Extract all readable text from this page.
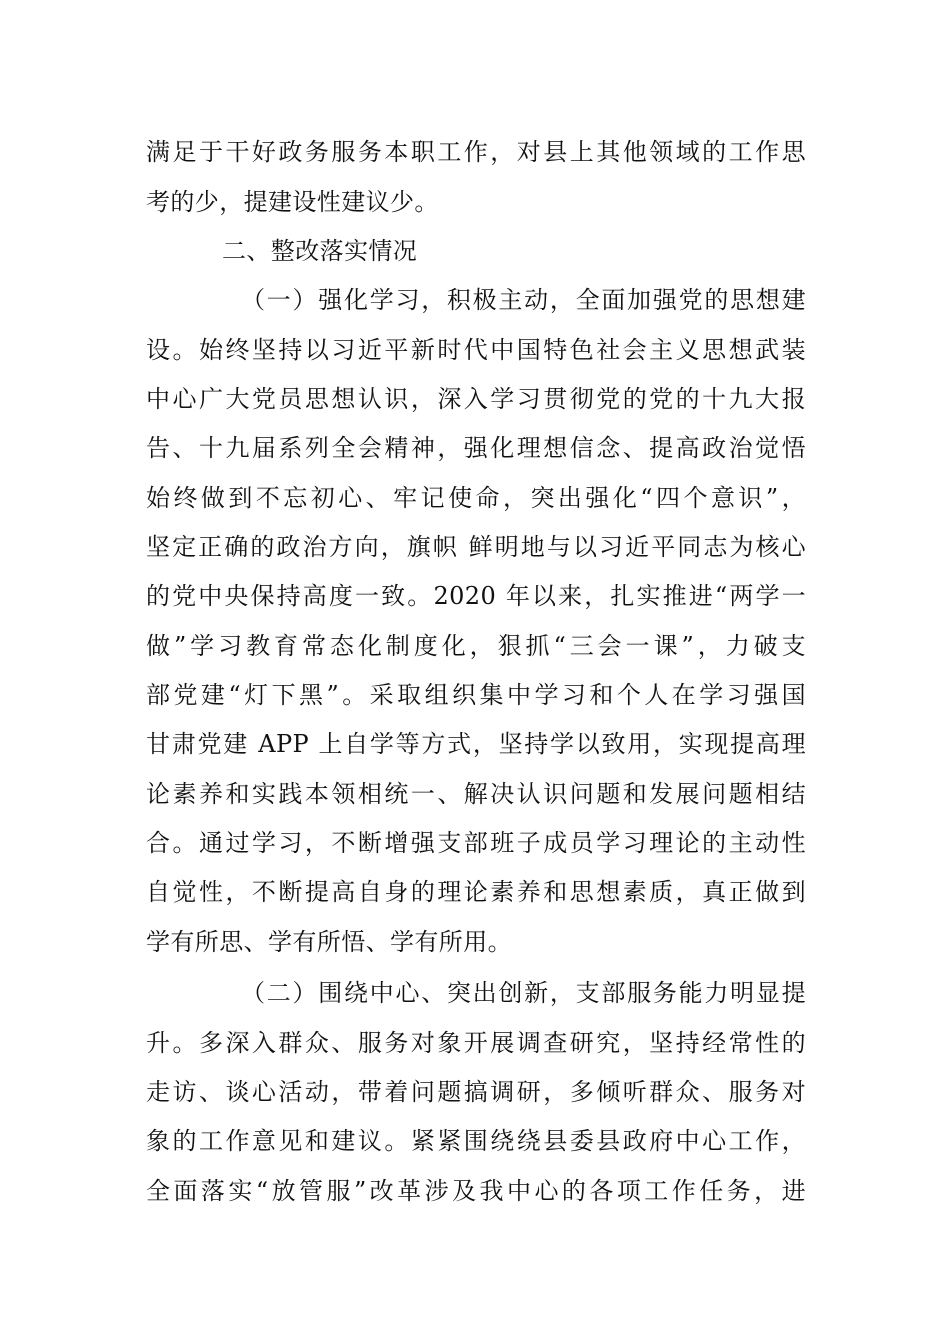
满足于干好政务服务本职工作，对县上其他领域的工作思
考的少，提建设性建议少。
二、整改落实情况
（一）强化学习，积极主动，全面加强党的思想建
设。始终坚持以习近平新时代中国特色社会主义思想武装
中心广大党员思想认识，深入学习贯彻党的党的十九大报
告、十九届系列全会精神，强化理想信念、提高政治觉悟
始终做到不忘初心、牢记使命，突出强化“四个意识”，
坚定正确的政治方向，旗帜 鲜明地与以习近平同志为核心
的党中央保持高度一致。2020 年以来，扎实推进“两学一
做”学习教育常态化制度化，狠抓“三会一课”，力破支
部党建“灯下黑”。采取组织集中学习和个人在学习强国
甘肃党建 APP 上自学等方式，坚持学以致用，实现提高理
论素养和实践本领相统一、解决认识问题和发展问题相结
合。通过学习，不断增强支部班子成员学习理论的主动性
自觉性，不断提高自身的理论素养和思想素质，真正做到
学有所思、学有所悟、学有所用。
（二）围绕中心、突出创新，支部服务能力明显提
升。多深入群众、服务对象开展调查研究，坚持经常性的
走访、谈心活动，带着问题搞调研，多倾听群众、服务对
象的工作意见和建议。紧紧围绕绕县委县政府中心工作，
全面落实“放管服”改革涉及我中心的各项工作任务，进
